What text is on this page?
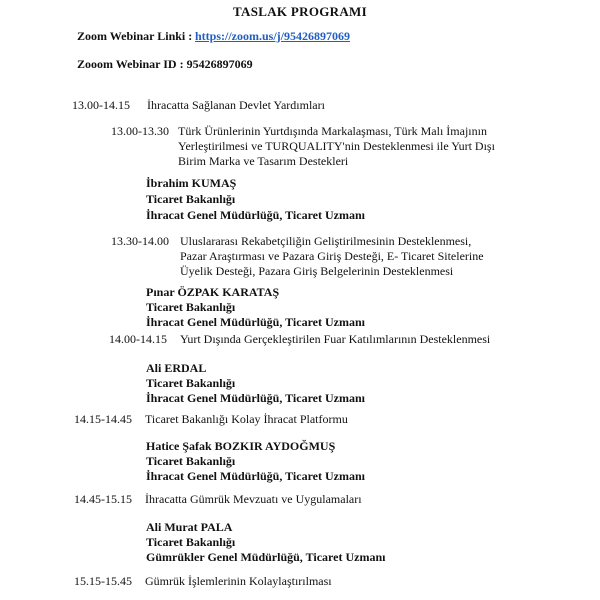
TASLAK PROGRAMI
Zoom Webinar Linki : https://zoom.us/j/95426897069
Zooom Webinar ID : 95426897069
13.00-14.15 İhracatta Sağlanan Devlet Yardımları
13.00-13.30 Türk Ürünlerinin Yurtdışında Markalaşması, Türk Malı İmajının Yerleştirilmesi ve TURQUALITY'nin Desteklenmesi ile Yurt Dışı Birim Marka ve Tasarım Destekleri
İbrahim KUMAŞ
Ticaret Bakanlığı
İhracat Genel Müdürlüğü, Ticaret Uzmanı
13.30-14.00 Uluslararası Rekabetçiliğin Geliştirilmesinin Desteklenmesi, Pazar Araştırması ve Pazara Giriş Desteği, E- Ticaret Sitelerine Üyelik Desteği, Pazara Giriş Belgelerinin Desteklenmesi
Pınar ÖZPAK KARATAŞ
Ticaret Bakanlığı
İhracat Genel Müdürlüğü, Ticaret Uzmanı
14.00-14.15 Yurt Dışında Gerçekleştirilen Fuar Katılımlarının Desteklenmesi
Ali ERDAL
Ticaret Bakanlığı
İhracat Genel Müdürlüğü, Ticaret Uzmanı
14.15-14.45 Ticaret Bakanlığı Kolay İhracat Platformu
Hatice Şafak BOZKIR AYDOĞMUŞ
Ticaret Bakanlığı
İhracat Genel Müdürlüğü, Ticaret Uzmanı
14.45-15.15 İhracatta Gümrük Mevzuatı ve Uygulamaları
Ali Murat PALA
Ticaret Bakanlığı
Gümrükler Genel Müdürlüğü, Ticaret Uzmanı
15.15-15.45 Gümrük İşlemlerinin Kolaylaştırılması
